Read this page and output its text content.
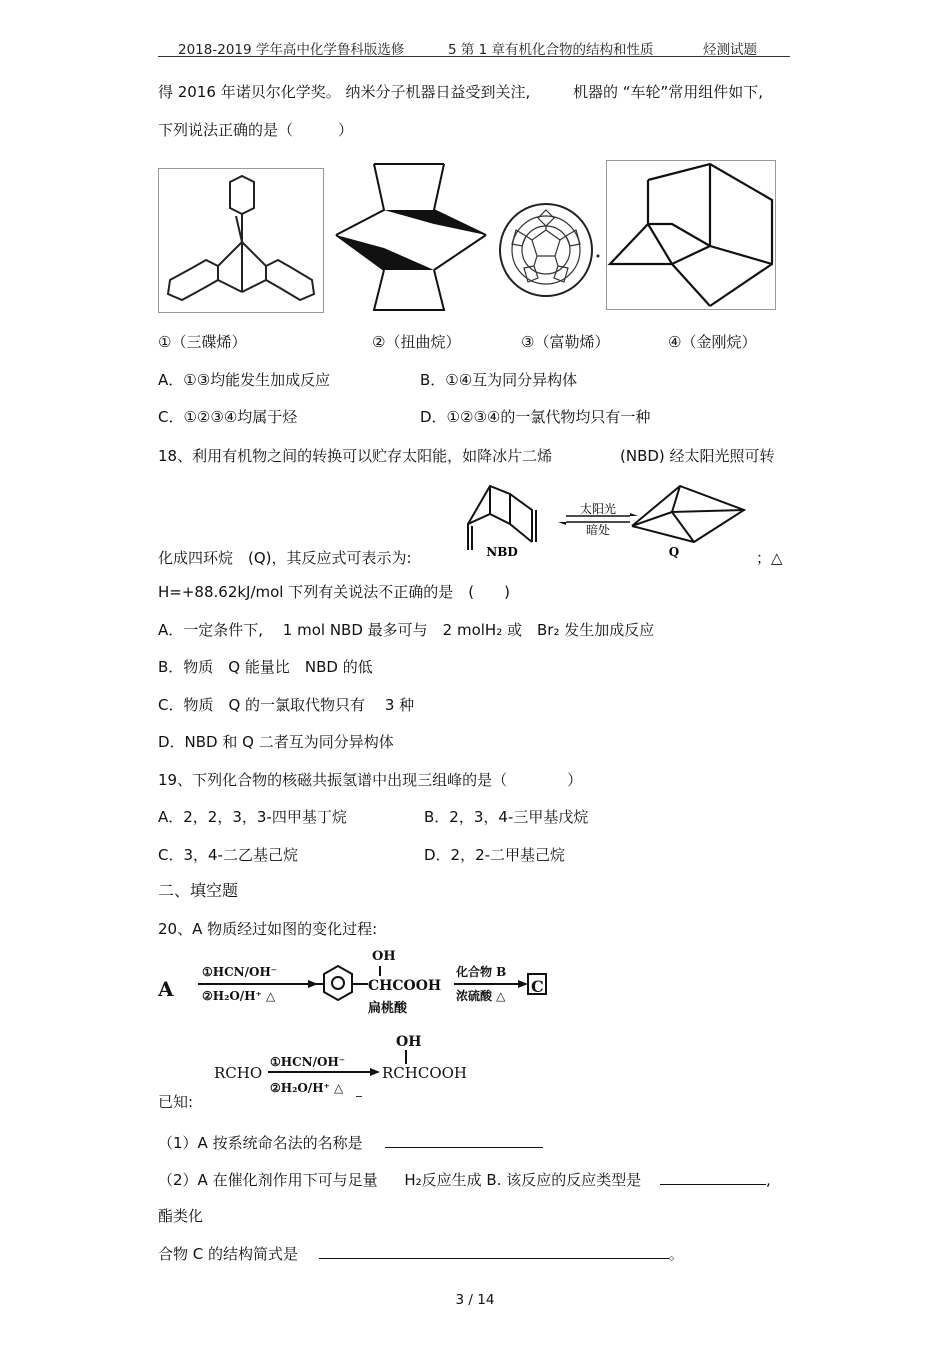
2018-2019 学年高中化学鲁科版选修	5 第 1 章有机化合物的结构和性质	烃测试题
得 2016 年诺贝尔化学奖。 纳米分子机器日益受到关注,	机器的 “车轮”常用组件如下,
下列说法正确的是（　　　）
①（三碟烯）	②（扭曲烷）	③（富勒烯）	④（金刚烷）
A．①③均能发生加成反应	B．①④互为同分异构体
C．①②③④均属于烃	D．①②③④的一氯代物均只有一种
18、利用有机物之间的转换可以贮存太阳能，如降冰片二烯	(NBD) 经太阳光照可转
太阳光
暗处
NBD	Q
化成四环烷　(Q)，其反应式可表示为:	；△
H=+88.62kJ/mol 下列有关说法不正确的是　(　　)
A．一定条件下,　 1 mol NBD 最多可与　2 molH₂ 或　Br₂ 发生加成反应
B．物质　Q 能量比　NBD 的低
C．物质　Q 的一氯取代物只有　 3 种
D．NBD 和 Q 二者互为同分异构体
19、下列化合物的核磁共振氢谱中出现三组峰的是（　　　　）
A．2，2，3，3-四甲基丁烷	B．2，3，4-三甲基戊烷
C．3，4-二乙基己烷	D．2，2-二甲基己烷
二、填空题
20、A 物质经过如图的变化过程:
A
①HCN/OH⁻
②H₂O/H⁺ △
OH
CHCOOH
扁桃酸
化合物 B
浓硫酸 △ C
RCHO
①HCN/OH⁻
②H₂O/H⁺ △
OH
RCHCOOH
已知:
（1）A 按系统命名法的名称是
（2）A 在催化剂作用下可与足量 H₂反应生成 B. 该反应的反应类型是	,
酯类化
合物 C 的结构简式是	。
3 / 14
